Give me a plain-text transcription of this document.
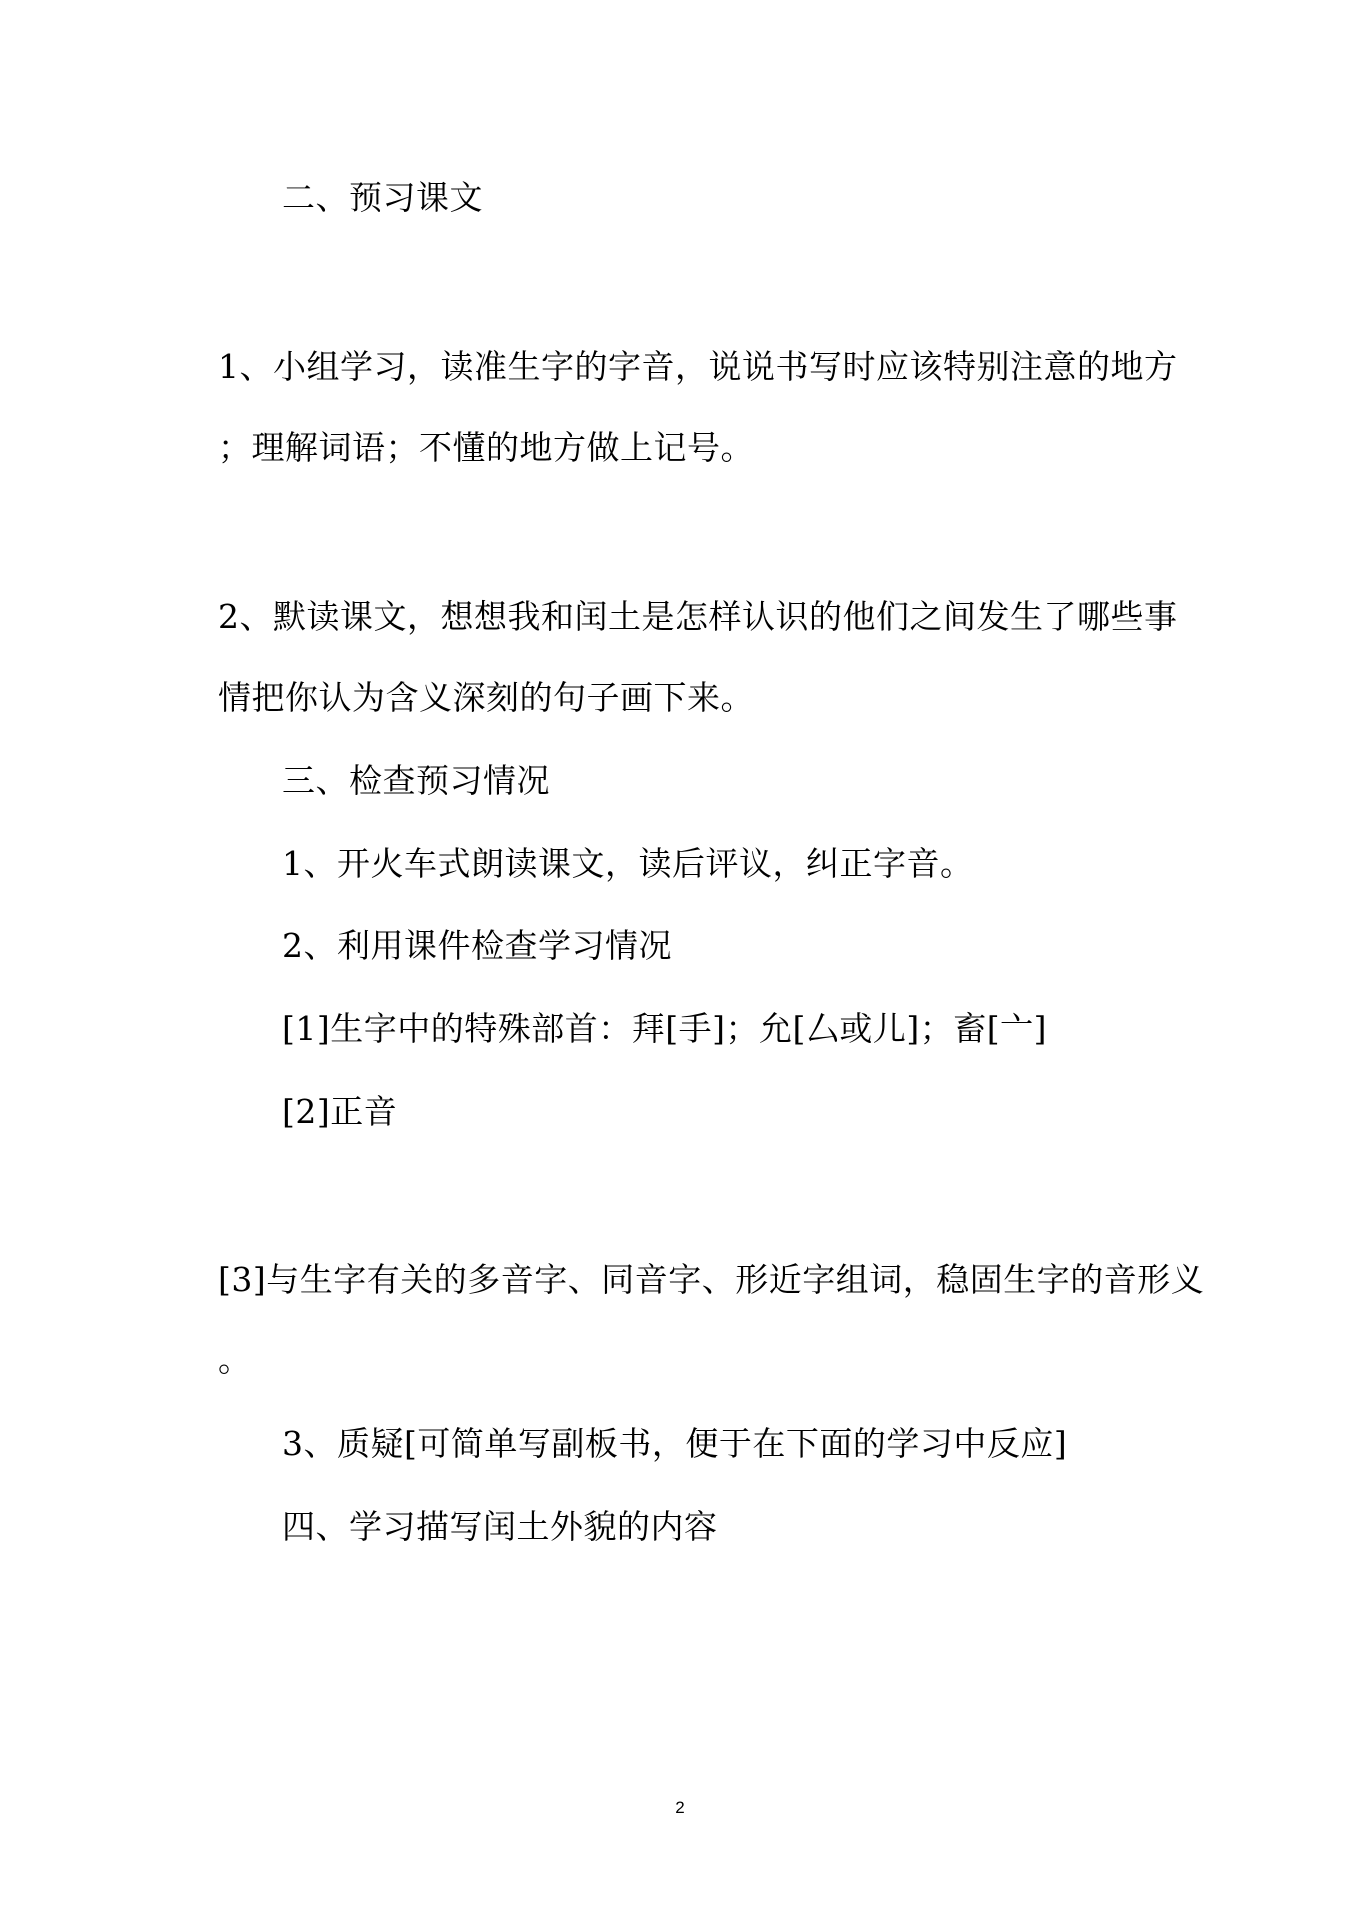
二、预习课文
1、小组学习，读准生字的字音，说说书写时应该特别注意的地方
；理解词语；不懂的地方做上记号。
2、默读课文，想想我和闰土是怎样认识的他们之间发生了哪些事
情把你认为含义深刻的句子画下来。
三、检查预习情况
1、开火车式朗读课文，读后评议，纠正字音。
2、利用课件检查学习情况
[1]生字中的特殊部首：拜[手]；允[厶或儿]；畜[亠]
[2]正音
[3]与生字有关的多音字、同音字、形近字组词，稳固生字的音形义
。
3、质疑[可简单写副板书，便于在下面的学习中反应]
四、学习描写闰土外貌的内容
2
